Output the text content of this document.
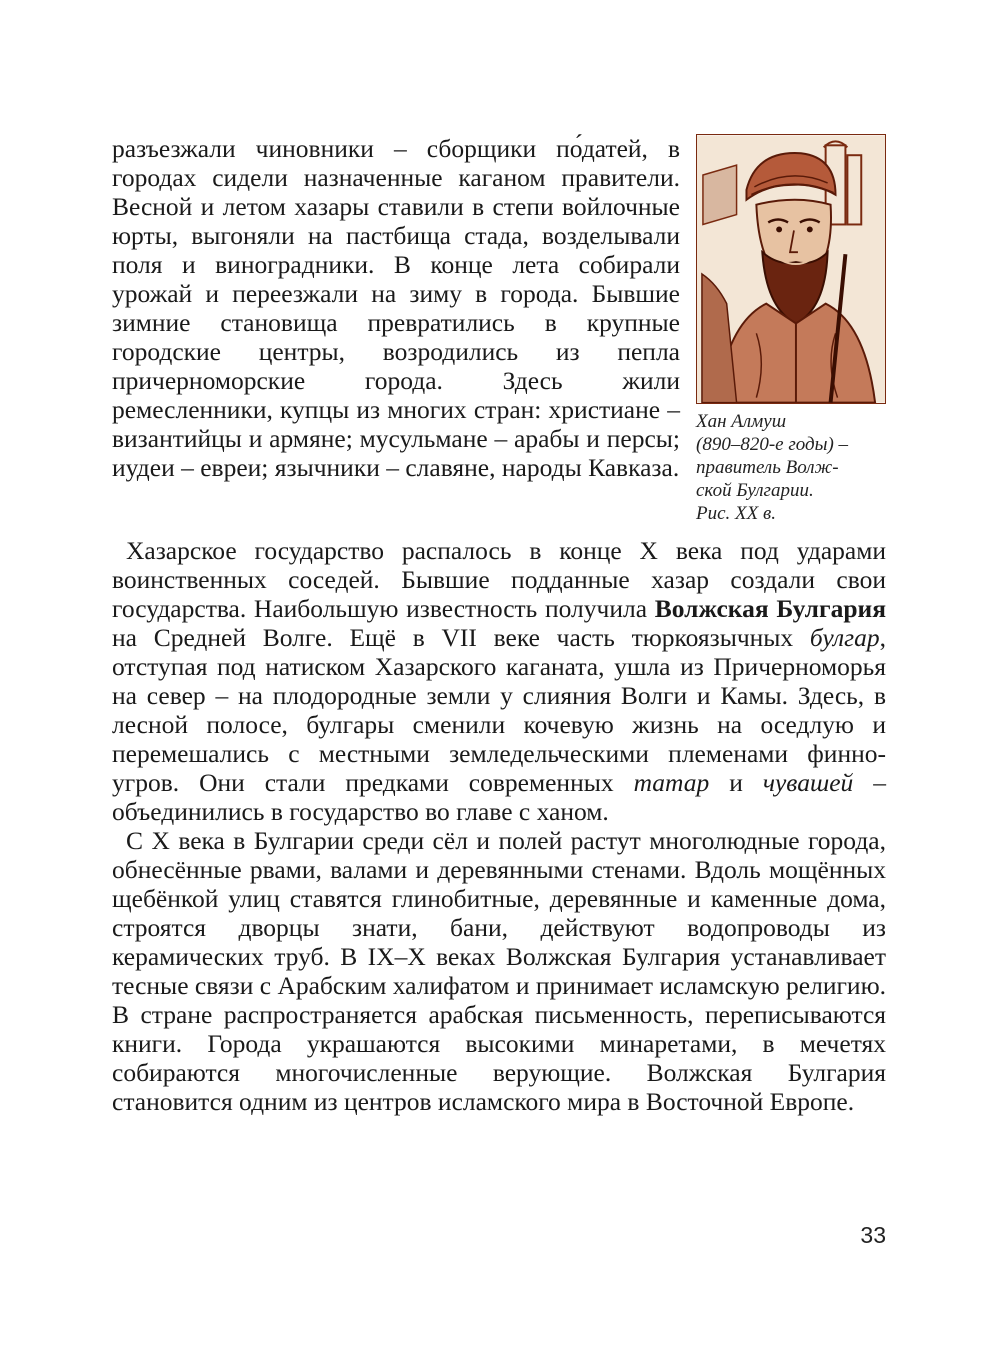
Хан Алмуш
(890–820-е годы) –
правитель Волж-
ской Булгарии.
Рис. XX в.

разъезжали чиновники – сборщики по́датей, в городах сидели назначенные каганом правители. Весной и летом хазары ставили в степи войлочные юрты, выгоняли на пастбища стада, возделывали поля и виноградники. В конце лета собирали урожай и переезжали на зиму в города. Бывшие зимние становища превратились в крупные городские центры, возродились из пепла причерноморские города. Здесь жили ремесленники, купцы из многих стран: христиане – византийцы и армяне; мусульмане – арабы и персы; иудеи – евреи; язычники – славяне, народы Кавказа.

Хазарское государство распалось в конце X века под ударами воинственных соседей. Бывшие подданные хазар создали свои государства. Наибольшую известность получила Волжская Булгария на Средней Волге. Ещё в VII веке часть тюркоязычных булгар, отступая под натиском Хазарского каганата, ушла из Причерноморья на север – на плодородные земли у слияния Волги и Камы. Здесь, в лесной полосе, булгары сменили кочевую жизнь на оседлую и перемешались с местными земледельческими племенами финно-угров. Они стали предками современных татар и чувашей – объединились в государство во главе с ханом.

С X века в Булгарии среди сёл и полей растут многолюдные города, обнесённые рвами, валами и деревянными стенами. Вдоль мощённых щебёнкой улиц ставятся глинобитные, деревянные и каменные дома, строятся дворцы знати, бани, действуют водопроводы из керамических труб. В IX–X веках Волжская Булгария устанавливает тесные связи с Арабским халифатом и принимает исламскую религию. В стране распространяется арабская письменность, переписываются книги. Города украшаются высокими минаретами, в мечетях собираются многочисленные верующие. Волжская Булгария становится одним из центров исламского мира в Восточной Европе.

33
